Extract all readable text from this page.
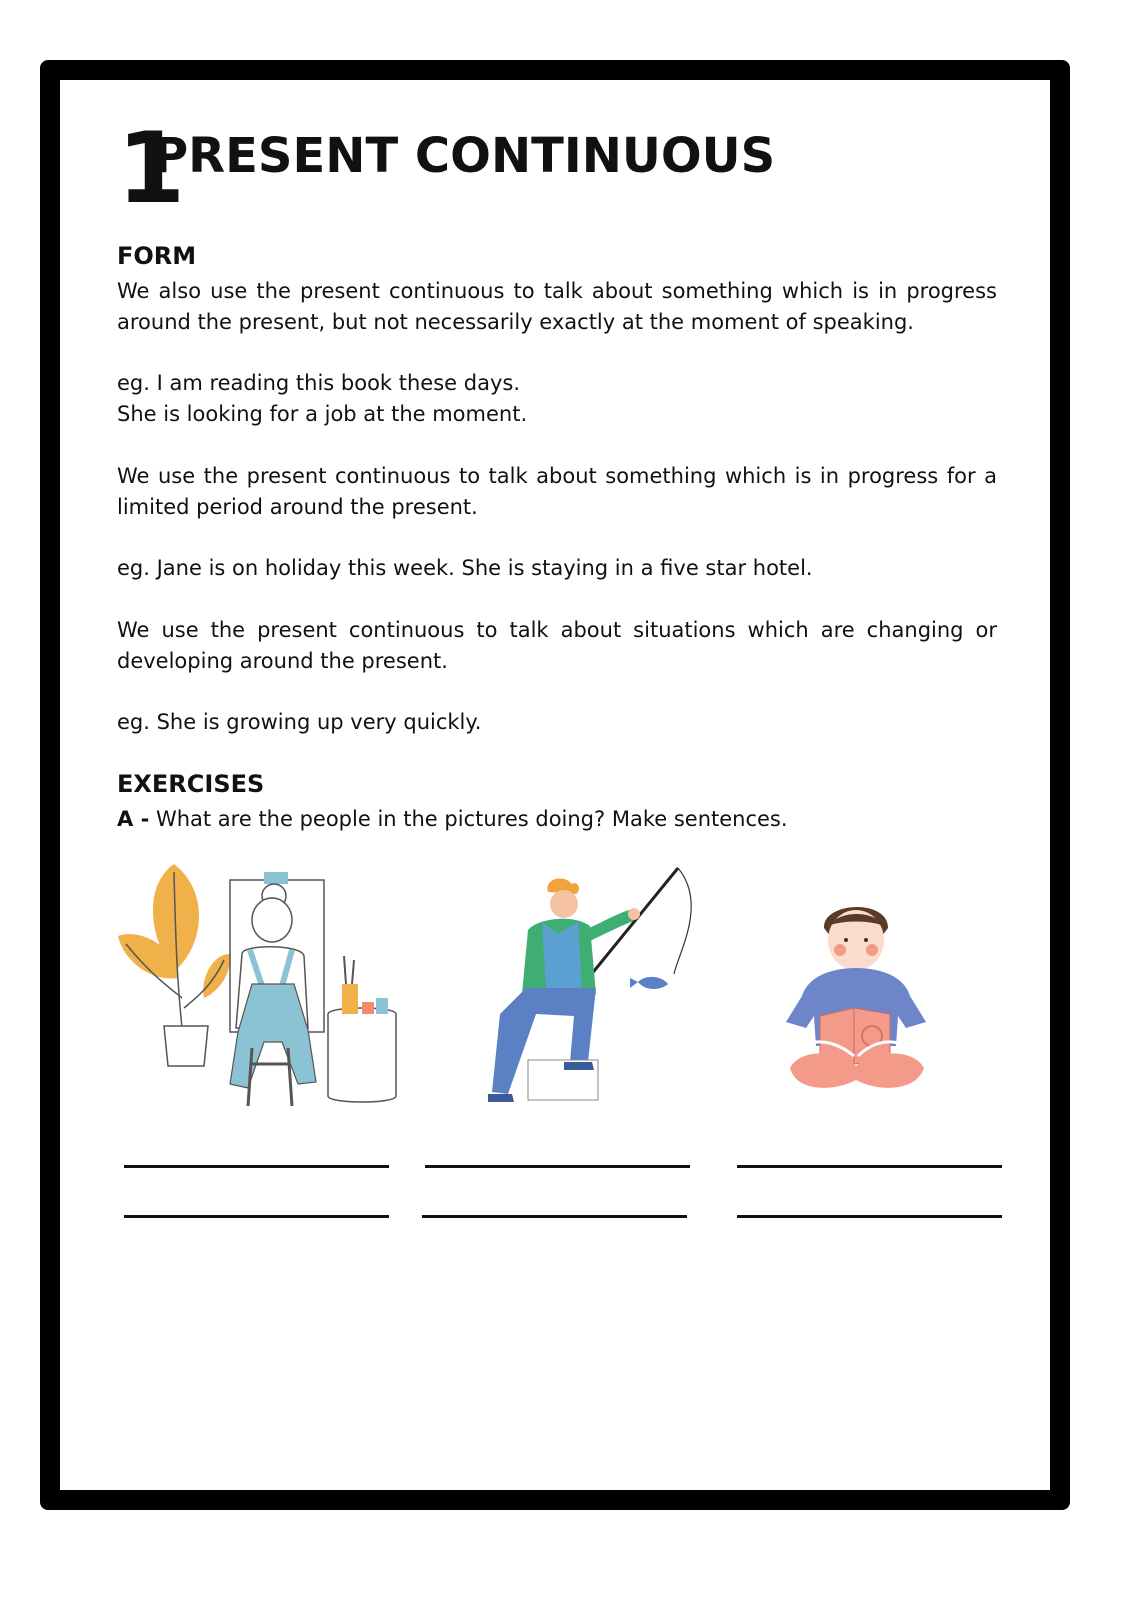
1
PRESENT CONTINUOUS
FORM

We also use the present continuous to talk about something which is in progress around the present, but not necessarily exactly at the moment of speaking.

eg. I am reading this book these days.

She is looking for a job at the moment.

We use the present continuous to talk about something which is in progress for a limited period around the present.

eg. Jane is on holiday this week. She is staying in a five star hotel.

We use the present continuous to talk about situations which are changing or developing around the present.

eg. She is growing up very quickly.

EXERCISES

A - What are the people in the pictures doing? Make sentences.
